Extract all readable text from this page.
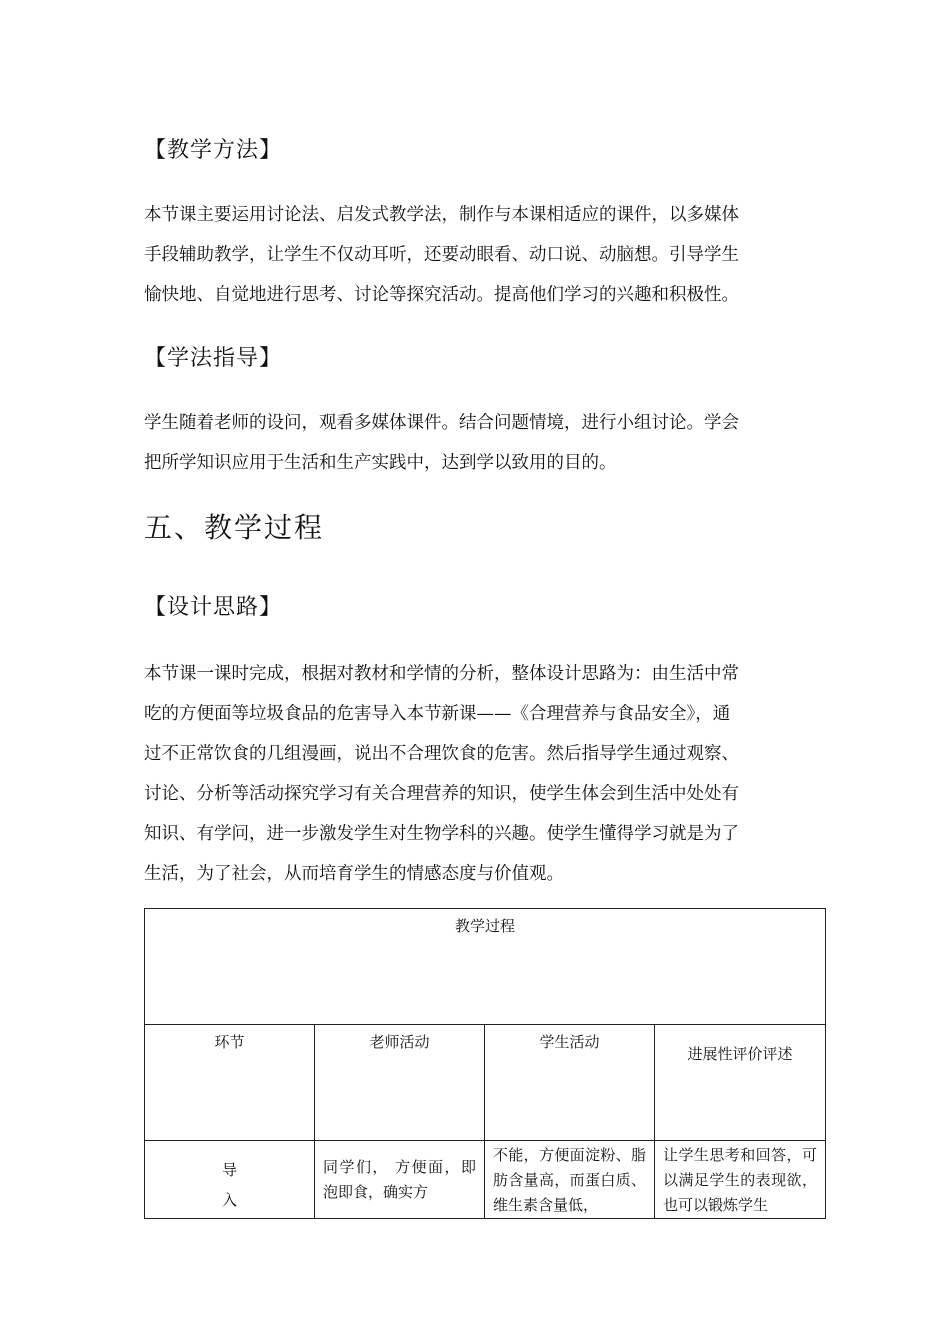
【教学方法】
本节课主要运用讨论法、启发式教学法，制作与本课相适应的课件，以多媒体
手段辅助教学，让学生不仅动耳听，还要动眼看、动口说、动脑想。引导学生
愉快地、自觉地进行思考、讨论等探究活动。提高他们学习的兴趣和积极性。
【学法指导】
学生随着老师的设问，观看多媒体课件。结合问题情境，进行小组讨论。学会
把所学知识应用于生活和生产实践中，达到学以致用的目的。
五、教学过程
【设计思路】
本节课一课时完成，根据对教材和学情的分析，整体设计思路为：由生活中常
吃的方便面等垃圾食品的危害导入本节新课——《合理营养与食品安全》，通
过不正常饮食的几组漫画，说出不合理饮食的危害。然后指导学生通过观察、
讨论、分析等活动探究学习有关合理营养的知识，使学生体会到生活中处处有
知识、有学问，进一步激发学生对生物学科的兴趣。使学生懂得学习就是为了
生活，为了社会，从而培育学生的情感态度与价值观。
教学过程			
环节	老师活动	学生活动	进展性评价评述

导
入	同学们， 方便面，即泡即食，确实方	不能，方便面淀粉、脂肪含量高，而蛋白质、维生素含量低，	让学生思考和回答，可以满足学生的表现欲，也可以锻炼学生
